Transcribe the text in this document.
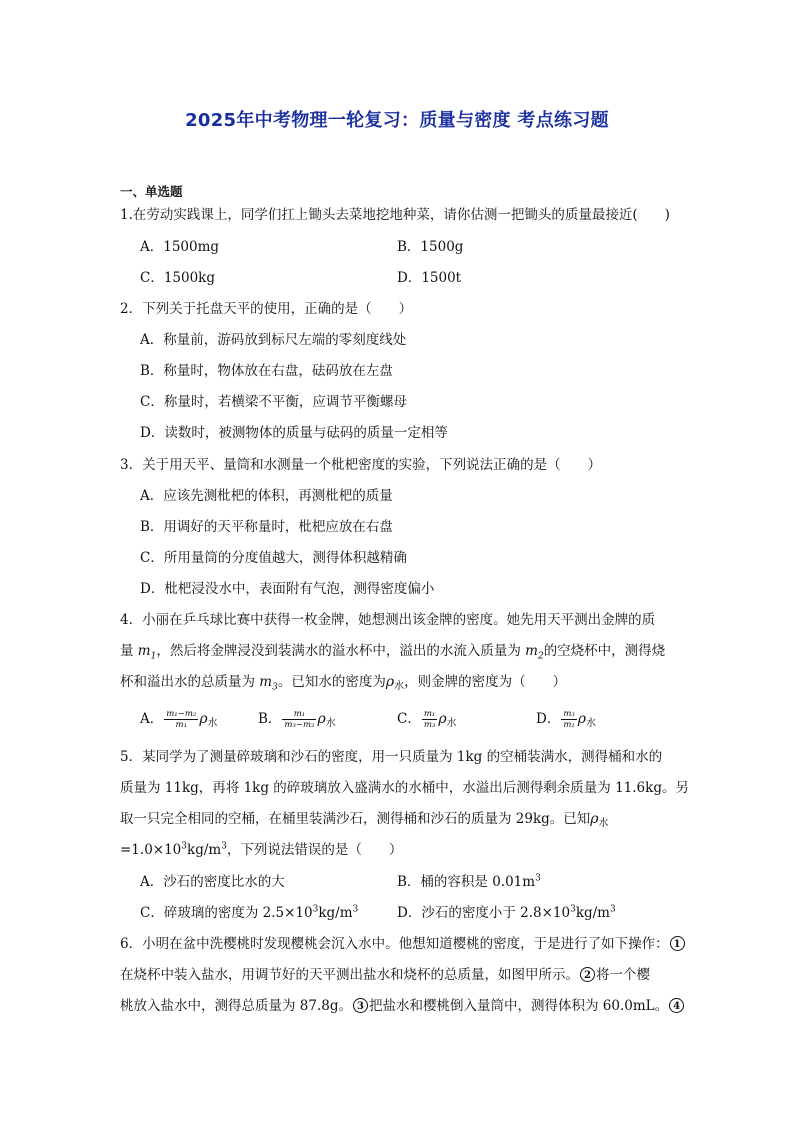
2025年中考物理一轮复习：质量与密度 考点练习题
一、单选题
1.在劳动实践课上，同学们扛上锄头去菜地挖地种菜，请你估测一把锄头的质量最接近(　　)
A．1500mg	B．1500g
C．1500kg	D．1500t
2．下列关于托盘天平的使用，正确的是（　　）
A．称量前，游码放到标尺左端的零刻度线处
B．称量时，物体放在右盘，砝码放在左盘
C．称量时，若横梁不平衡，应调节平衡螺母
D．读数时，被测物体的质量与砝码的质量一定相等
3．关于用天平、量筒和水测量一个枇杷密度的实验，下列说法正确的是（　　）
A．应该先测枇杷的体积，再测枇杷的质量
B．用调好的天平称量时，枇杷应放在右盘
C．所用量筒的分度值越大，测得体积越精确
D．枇杷浸没水中，表面附有气泡，测得密度偏小
4．小丽在乒乓球比赛中获得一枚金牌，她想测出该金牌的密度。她先用天平测出金牌的质
量 $m_1$，然后将金牌浸没到装满水的溢水杯中，溢出的水流入质量为 $m_2$的空烧杯中，测得烧
杯和溢出水的总质量为 $m_3$。已知水的密度为$\rho_水$，则金牌的密度为（　　）
A． $\frac{\text{m₁−m₂}}{\text{m₁}} \rho_水$	B． $\frac{\text{m₁}}{\text{m₃−m₂}} \rho_水$	C． $\frac{\text{m₁}}{\text{m₃}} \rho_水$	D． $\frac{\text{m₃}}{\text{m₁}} \rho_水$
5．某同学为了测量碎玻璃和沙石的密度，用一只质量为 1kg 的空桶装满水，测得桶和水的
质量为 11kg，再将 1kg 的碎玻璃放入盛满水的水桶中，水溢出后测得剩余质量为 11.6kg。另
取一只完全相同的空桶，在桶里装满沙石，测得桶和沙石的质量为 29kg。已知$\rho_水$
$=1.0\times 10^3kg/m^3$，下列说法错误的是（　　）
A．沙石的密度比水的大	B．桶的容积是 $0.01m^3$
C．碎玻璃的密度为 $2.5\times 10^3kg/m^3$	D．沙石的密度小于 $2.8\times 10^3kg/m^3$
6．小明在盆中洗樱桃时发现樱桃会沉入水中。他想知道樱桃的密度，于是进行了如下操作： 1
在烧杯中装入盐水，用调节好的天平测出盐水和烧杯的总质量，如图甲所示。 2 将一个樱
桃放入盐水中，测得总质量为 87.8g。 3 把盐水和樱桃倒入量筒中，测得体积为 60.0mL。 4
